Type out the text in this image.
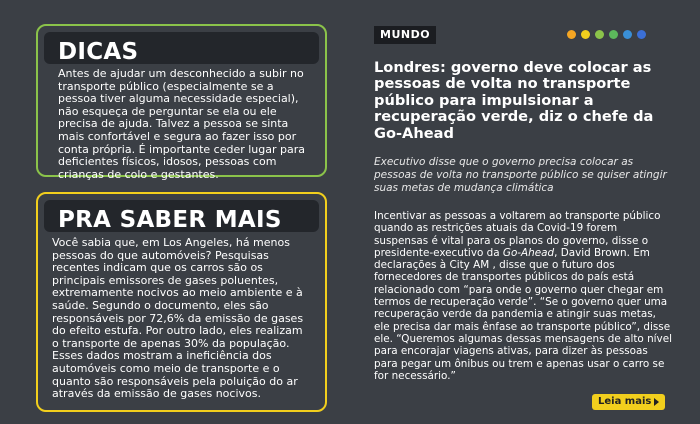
DICAS
Antes de ajudar um desconhecido a subir no transporte público (especialmente se a pessoa tiver alguma necessidade especial), não esqueça de perguntar se ela ou ele precisa de ajuda. Talvez a pessoa se sinta mais confortável e segura ao fazer isso por conta própria. É importante ceder lugar para deficientes físicos, idosos, pessoas com crianças de colo e gestantes.
PRA SABER MAIS
Você sabia que, em Los Angeles, há menos pessoas do que automóveis? Pesquisas recentes indicam que os carros são os principais emissores de gases poluentes, extremamente nocivos ao meio ambiente e à saúde. Segundo o documento, eles são responsáveis por 72,6% da emissão de gases do efeito estufa. Por outro lado, eles realizam o transporte de apenas 30% da população. Esses dados mostram a ineficiência dos automóveis como meio de transporte e o quanto são responsáveis pela poluição do ar através da emissão de gases nocivos.
MUNDO
Londres: governo deve colocar as pessoas de volta no transporte público para impulsionar a recuperação verde, diz o chefe da Go-Ahead
Executivo disse que o governo precisa colocar as pessoas de volta no transporte público se quiser atingir suas metas de mudança climática
Incentivar as pessoas a voltarem ao transporte público quando as restrições atuais da Covid-19 forem suspensas é vital para os planos do governo, disse o presidente-executivo da Go-Ahead, David Brown. Em declarações à City AM , disse que o futuro dos fornecedores de transportes públicos do país está relacionado com “para onde o governo quer chegar em termos de recuperação verde”. “Se o governo quer uma recuperação verde da pandemia e atingir suas metas, ele precisa dar mais ênfase ao transporte público”, disse ele. “Queremos algumas dessas mensagens de alto nível para encorajar viagens ativas, para dizer às pessoas para pegar um ônibus ou trem e apenas usar o carro se for necessário.”
Leia mais
